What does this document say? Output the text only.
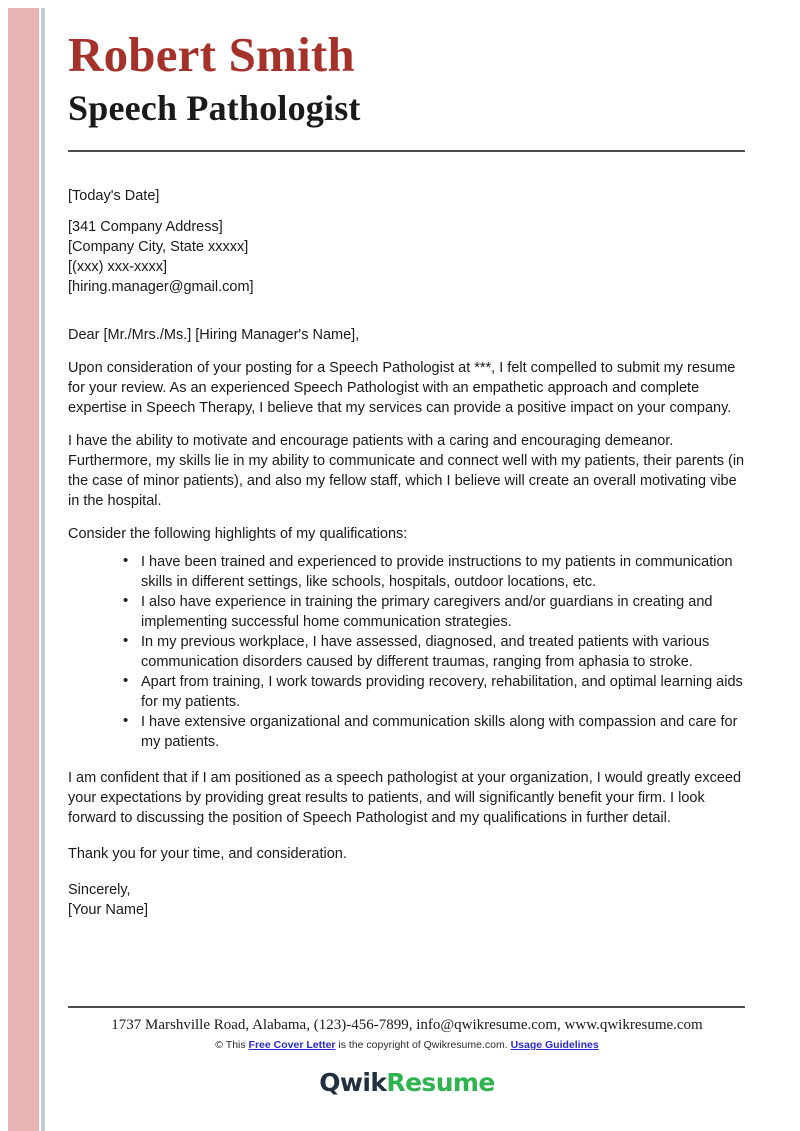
Robert Smith
Speech Pathologist

[Today's Date]

[341 Company Address]

[Company City, State xxxxx]

[(xxx) xxx-xxxx]

[hiring.manager@gmail.com]

Dear [Mr./Mrs./Ms.] [Hiring Manager's Name],

Upon consideration of your posting for a Speech Pathologist at ***, I felt compelled to submit my resume for your review. As an experienced Speech Pathologist with an empathetic approach and complete expertise in Speech Therapy, I believe that my services can provide a positive impact on your company.

I have the ability to motivate and encourage patients with a caring and encouraging demeanor. Furthermore, my skills lie in my ability to communicate and connect well with my patients, their parents (in the case of minor patients), and also my fellow staff, which I believe will create an overall motivating vibe in the hospital.

Consider the following highlights of my qualifications:

• I have been trained and experienced to provide instructions to my patients in communication skills in different settings, like schools, hospitals, outdoor locations, etc.
• I also have experience in training the primary caregivers and/or guardians in creating and implementing successful home communication strategies.
• In my previous workplace, I have assessed, diagnosed, and treated patients with various communication disorders caused by different traumas, ranging from aphasia to stroke.
• Apart from training, I work towards providing recovery, rehabilitation, and optimal learning aids for my patients.
• I have extensive organizational and communication skills along with compassion and care for my patients.

I am confident that if I am positioned as a speech pathologist at your organization, I would greatly exceed your expectations by providing great results to patients, and will significantly benefit your firm. I look forward to discussing the position of Speech Pathologist and my qualifications in further detail.

Thank you for your time, and consideration.

Sincerely,

[Your Name]

1737 Marshville Road, Alabama, (123)-456-7899, info@qwikresume.com, www.qwikresume.com
© This Free Cover Letter is the copyright of Qwikresume.com. Usage Guidelines
QwikResume
